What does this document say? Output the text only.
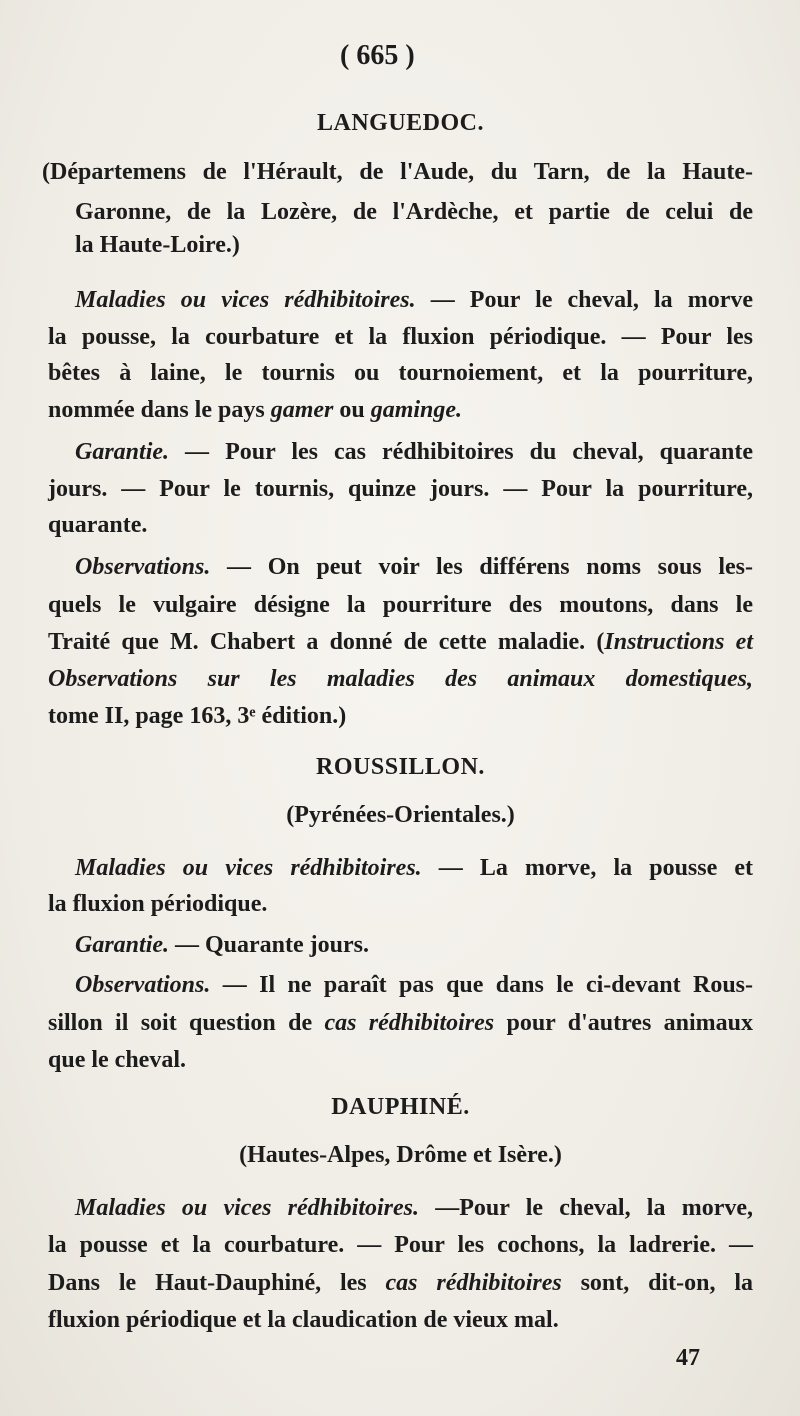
( 665 )
LANGUEDOC.
(Départemens de l'Hérault, de l'Aude, du Tarn, de la Haute-
Garonne, de la Lozère, de l'Ardèche, et partie de celui de
la Haute-Loire.)
Maladies ou vices rédhibitoires. — Pour le cheval, la morve
la pousse, la courbature et la fluxion périodique. — Pour les
bêtes à laine, le tournis ou tournoiement, et la pourriture,
nommée dans le pays gamer ou gaminge.
Garantie. — Pour les cas rédhibitoires du cheval, quarante
jours. — Pour le tournis, quinze jours. — Pour la pourriture,
quarante.
Observations. — On peut voir les différens noms sous les-
quels le vulgaire désigne la pourriture des moutons, dans le
Traité que M. Chabert a donné de cette maladie. (Instructions et
Observations sur les maladies des animaux domestiques,
tome II, page 163, 3ᵉ édition.)
ROUSSILLON.
(Pyrénées-Orientales.)
Maladies ou vices rédhibitoires. — La morve, la pousse et
la fluxion périodique.
Garantie. — Quarante jours.
Observations. — Il ne paraît pas que dans le ci-devant Rous-
sillon il soit question de cas rédhibitoires pour d'autres animaux
que le cheval.
DAUPHINÉ.
(Hautes-Alpes, Drôme et Isère.)
Maladies ou vices rédhibitoires. —Pour le cheval, la morve,
la pousse et la courbature. — Pour les cochons, la ladrerie. —
Dans le Haut-Dauphiné, les cas rédhibitoires sont, dit-on, la
fluxion périodique et la claudication de vieux mal.
47
